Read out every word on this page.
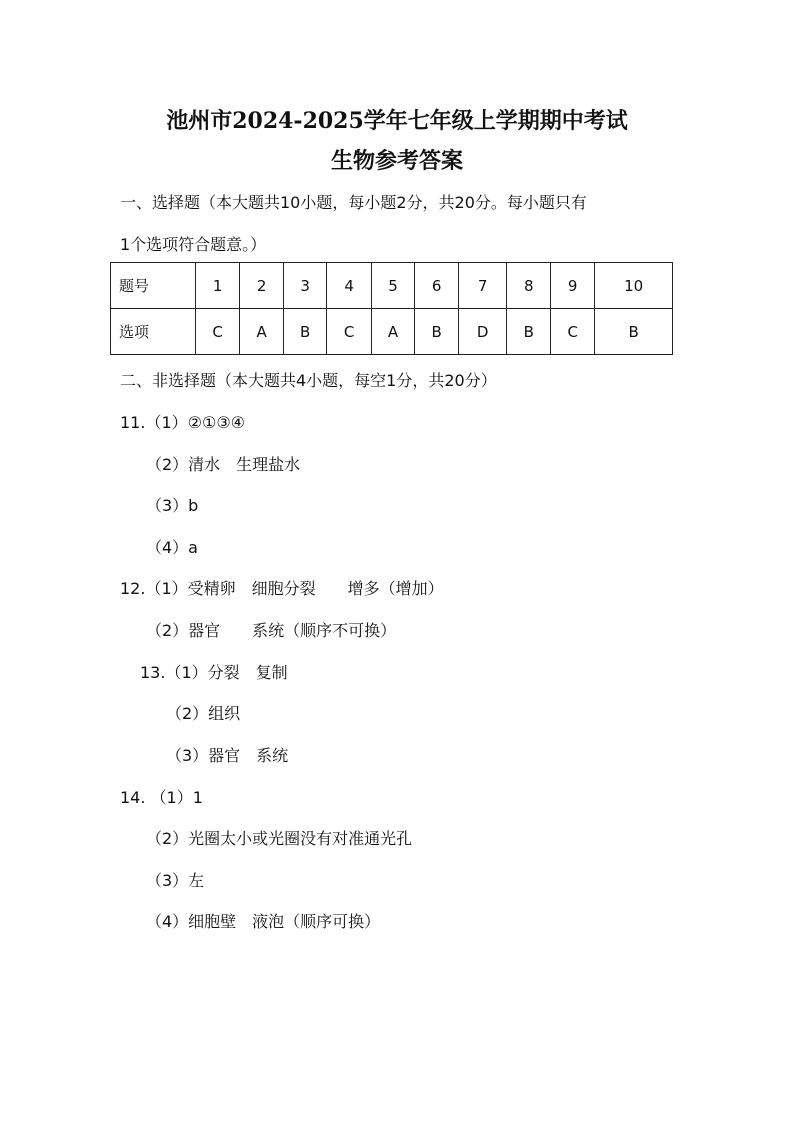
池州市2024-2025学年七年级上学期期中考试
生物参考答案
一、选择题（本大题共10小题，每小题2分，共20分。每小题只有
1个选项符合题意。）
题号	1	2	3	4	5	6	7	8	9	10
选项	C	A	B	C	A	B	D	B	C	B
二、非选择题（本大题共4小题，每空1分，共20分）
11.（1）②①③④
（2）清水　生理盐水
（3）b
（4）a
12.（1）受精卵　细胞分裂　　增多（增加）
（2）器官　　系统（顺序不可换）
13.（1）分裂　复制
（2）组织
（3）器官　系统
14. （1）1
（2）光圈太小或光圈没有对准通光孔
（3）左
（4）细胞壁　液泡（顺序可换）
